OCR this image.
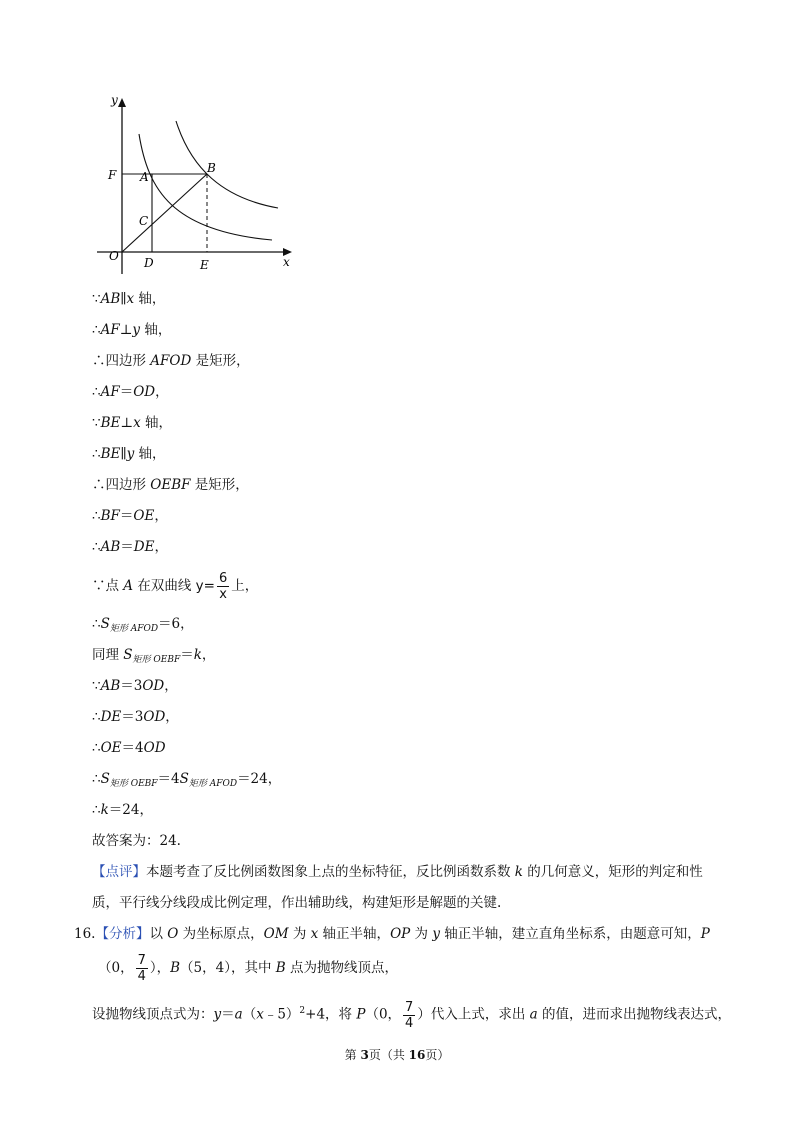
y
x
F A
B
C
O D	E
∵AB∥x 轴，
∴AF⊥y 轴，
∴四边形 AFOD 是矩形，
∴AF＝OD，
∵BE⊥x 轴，
∴BE∥y 轴，
∴四边形 OEBF 是矩形，
∴BF＝OE，
∴AB＝DE，
∵点 A 在双曲线 $y= \frac{6}{x}$ 上，
$\therefore S_{矩形 AFOD}=6$，
同理 $S_{矩形 OEBF}=k$，
∵AB＝3OD，
∴DE＝3OD，
∴OE＝4OD
$\therefore S_{矩形 OEBF}=4S_{矩形 AFOD}=24$，
∴k＝24，
故答案为：24.
【点评】本题考查了反比例函数图象上点的坐标特征，反比例函数系数 k 的几何意义，矩形的判定和性
质，平行线分线段成比例定理，作出辅助线，构建矩形是解题的关键.
16.【分析】以 O 为坐标原点，OM 为 x 轴正半轴，OP 为 y 轴正半轴，建立直角坐标系，由题意可知，P
（0， $\frac{7}{4}$ ），B（5，4），其中 B 点为抛物线顶点，
设抛物线顶点式为：y＝a（x﹣5）$^2$+4，将 P（0， $\frac{7}{4}$ ）代入上式，求出 a 的值，进而求出抛物线表达式，
第 3页（共 16页）
